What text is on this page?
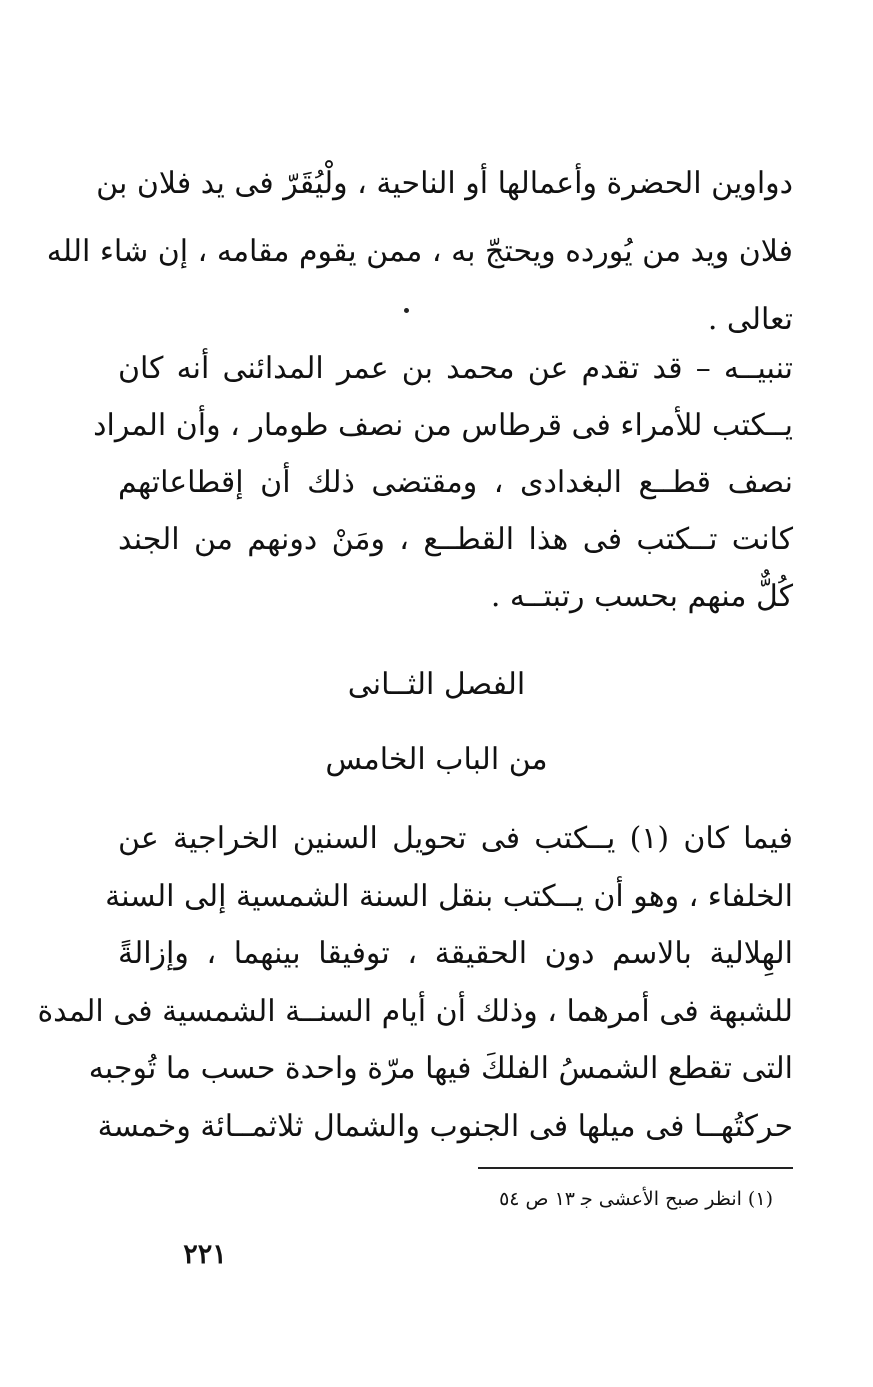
دواوين الحضرة وأعمالها أو الناحية ، ولْيُقَرّ فى يد فلان بن
فلان ويد من يُورده ويحتجّ به ، ممن يقوم مقامه ، إن شاء الله
تعالى .
تنبيــه – قد تقدم عن محمد بن عمر المدائنى أنه كان
يــكتب للأمراء فى قرطاس من نصف طومار ، وأن المراد
نصف قطــع البغدادى ، ومقتضى ذلك أن إقطاعاتهم
كانت تــكتب فى هذا القطــع ، ومَنْ دونهم من الجند
كُلٌّ منهم بحسب رتبتــه .
الفصل الثــانى
من الباب الخامس
فيما كان (١) يــكتب فى تحويل السنين الخراجية عن
الخلفاء ، وهو أن يــكتب بنقل السنة الشمسية إلى السنة
الهِلالية بالاسم دون الحقيقة ، توفيقا بينهما ، وإزالةً
للشبهة فى أمرهما ، وذلك أن أيام السنــة الشمسية فى المدة
التى تقطع الشمسُ الفلكَ فيها مرّة واحدة حسب ما تُوجبه
حركتُهــا فى ميلها فى الجنوب والشمال ثلاثمــائة وخمسة
(١) انظر صبح الأعشى ﺟ ١٣ ص ٥٤
٢٢١
